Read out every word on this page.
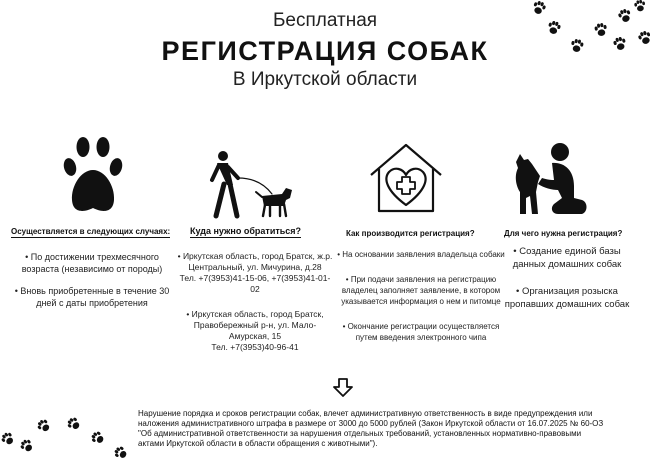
Бесплатная
РЕГИСТРАЦИЯ СОБАК
В Иркутской области
Осуществляется в следующих случаях:

• По достижении трехмесячного возраста (независимо от породы)

• Вновь приобретенные в течение 30 дней с даты приобретения

Куда нужно обратиться?

• Иркутская область, город Братск, ж.р. Центральный, ул. Мичурина, д.28

Тел. +7(3953)41-15-06, +7(3953)41-01-02

• Иркутская область, город Братск, Правобережный р-н, ул. Мало-Амурская, 15

Тел. +7(3953)40-96-41

Как производится регистрация?

• На основании заявления владельца собаки

• При подачи заявления на регистрацию владелец заполняет заявление, в котором указывается информация о нем и питомце

• Окончание регистрации осуществляется путем введения электронного чипа

Для чего нужна регистрация?

• Создание единой базы данных домашних собак

• Организация розыска пропавших домашних собак

Нарушение порядка и сроков регистрации собак, влечет административную ответственность в виде предупреждения или
наложения административного штрафа в размере от 3000 до 5000 рублей (Закон Иркутской области от 16.07.2025 № 60-ОЗ
"Об административной ответственности за нарушения отдельных требований, установленных нормативно-правовыми
актами Иркутской области в области обращения с животными").
